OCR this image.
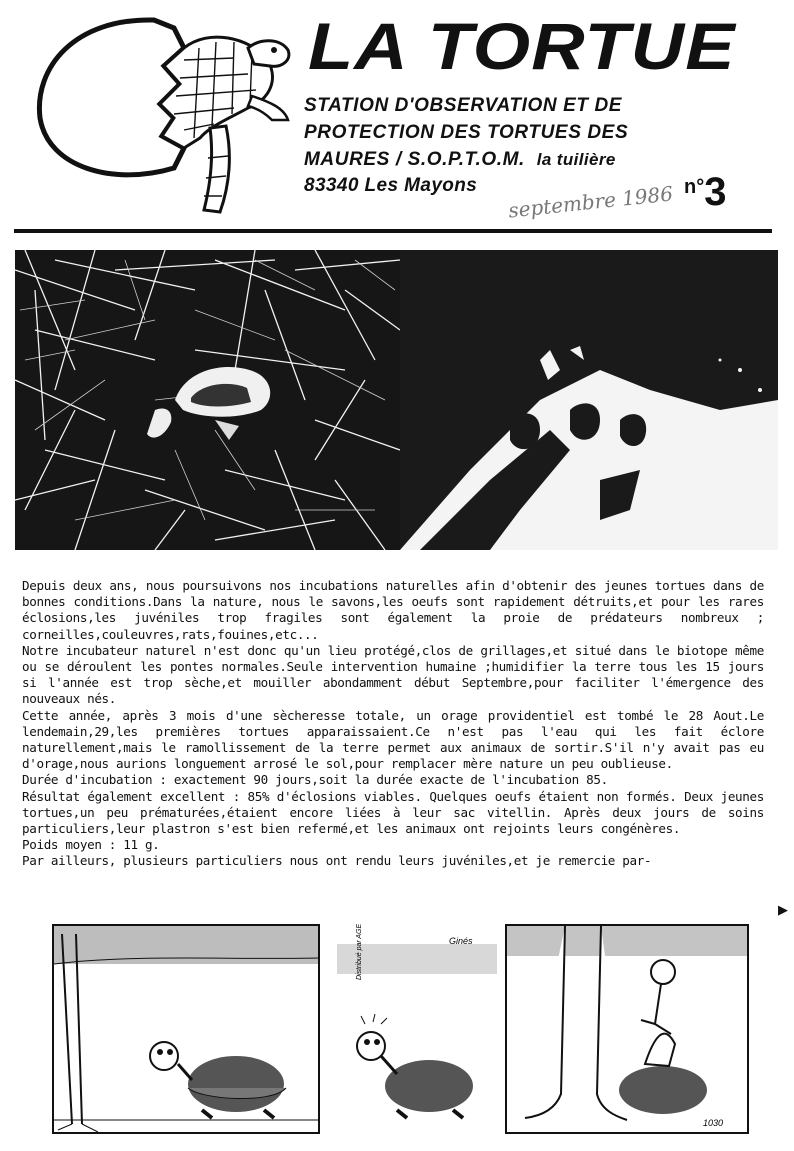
LA TORTUE
STATION D'OBSERVATION ET DE
PROTECTION DES TORTUES DES
MAURES / S.O.P.T.O.M. la tuilière
83340 Les Mayons septembre 1986 $^{n^\circ}$3

Depuis deux ans, nous poursuivons nos incubations naturelles afin d'obtenir des jeunes tortues dans de bonnes conditions.Dans la nature, nous le savons,les oeufs sont rapidement détruits,et pour les rares éclosions,les juvéniles trop fragiles sont également la proie de prédateurs nombreux ; corneilles,couleuvres,rats,fouines,etc...

Notre incubateur naturel n'est donc qu'un lieu protégé,clos de grillages,et situé dans le biotope même ou se déroulent les pontes normales.Seule intervention humaine ;humidifier la terre tous les 15 jours si l'année est trop sèche,et mouiller abondamment début Septembre,pour faciliter l'émergence des nouveaux nés.

Cette année, après 3 mois d'une sècheresse totale, un orage providentiel est tombé le 28 Aout.Le lendemain,29,les premières tortues apparaissaient.Ce n'est pas l'eau qui les fait éclore naturellement,mais le ramollissement de la terre permet aux animaux de sortir.S'il n'y avait pas eu d'orage,nous aurions longuement arrosé le sol,pour remplacer mère nature un peu oublieuse.

Durée d'incubation : exactement 90 jours,soit la durée exacte de l'incubation 85.

Résultat également excellent : 85% d'éclosions viables. Quelques oeufs étaient non formés. Deux jeunes tortues,un peu prématurées,étaient encore liées à leur sac vitellin. Après deux jours de soins particuliers,leur plastron s'est bien refermé,et les animaux ont rejoints leurs congénères.

Poids moyen : 11 g.

Par ailleurs, plusieurs particuliers nous ont rendu leurs juvéniles,et je remercie par-

▶
Ginés
Distribué par AGEPRESSE
1030
